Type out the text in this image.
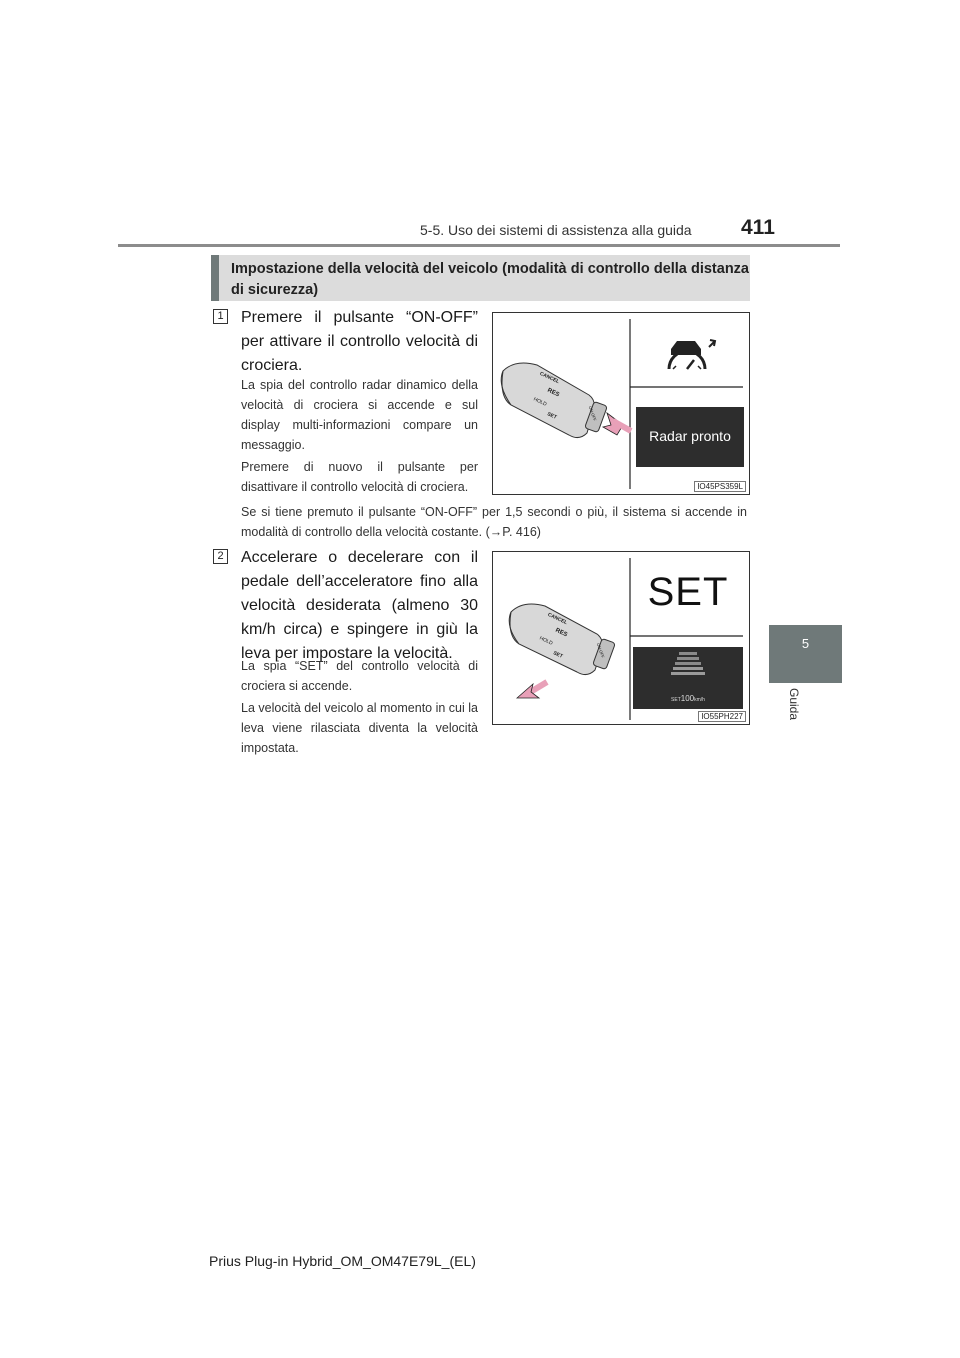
5-5. Uso dei sistemi di assistenza alla guida 411
5
Guida
Impostazione della velocità del veicolo (modalità di controllo della distanza di sicurezza)
1 Premere il pulsante “ON-OFF” per attivare il controllo velocità di crociera.
La spia del controllo radar dinamico della velocità di crociera si accende e sul display multi-informazioni compare un messaggio.
Premere di nuovo il pulsante per disattivare il controllo velocità di crociera.
Se si tiene premuto il pulsante “ON-OFF” per 1,5 secondi o più, il sistema si accende in modalità di controllo della velocità costante. (→P. 416)
CANCEL
RES
HOLD
SET	ON-OFF
Radar pronto
IO45PS359L
2 Accelerare o decelerare con il pedale dell’acceleratore fino alla velocità desiderata (almeno 30 km/h circa) e spingere in giù la leva per impostare la velocità.
La spia “SET” del controllo velocità di crociera si accende.
La velocità del veicolo al momento in cui la leva viene rilasciata diventa la velocità impostata.
SET
CANCEL
RES
HOLD
SET	ON-OFF
SET100km/h
IO55PH227
Prius Plug-in Hybrid_OM_OM47E79L_(EL)
